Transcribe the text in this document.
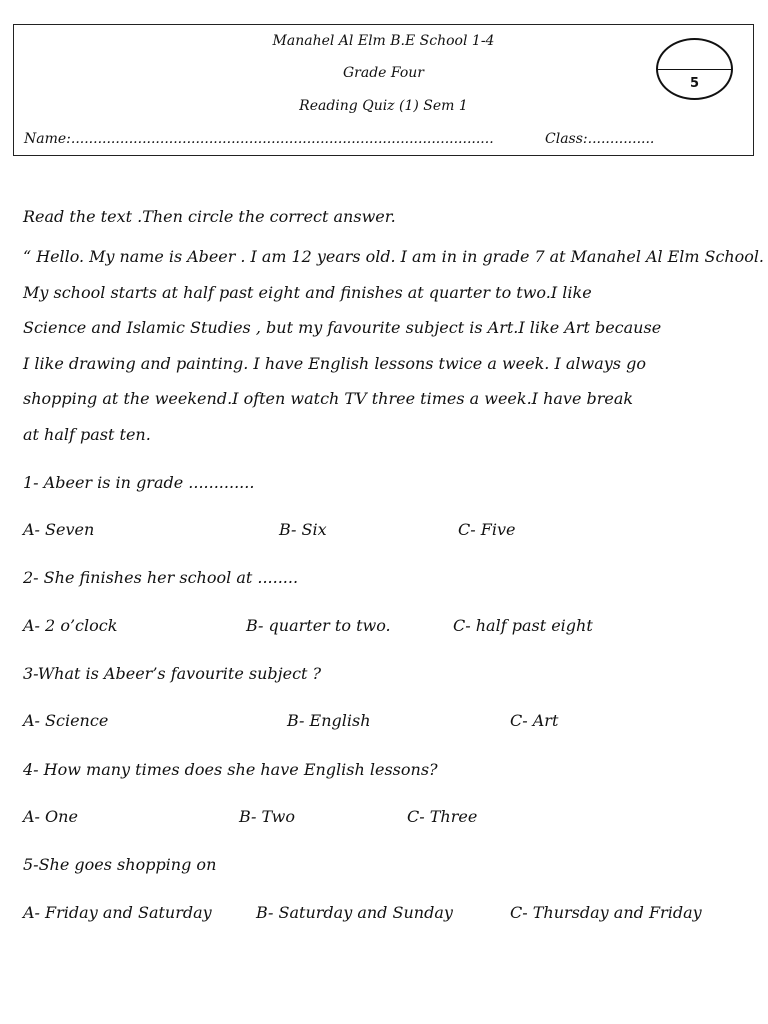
Manahel Al Elm B.E School 1-4
Grade Four
Reading Quiz (1) Sem 1
Name:...............................................................................................	Class:...............
5
Read the text .Then circle the correct answer.
“ Hello. My name is Abeer . I am 12 years old. I am in in grade 7 at Manahel Al Elm School.
My school starts at half past eight and finishes at quarter to two.I like
Science and Islamic Studies , but my favourite subject is Art.I like Art because
I like drawing and painting. I have English lessons twice a week. I always go
shopping at the weekend.I often watch TV three times a week.I have break
at half past ten.
1- Abeer is in grade .............
A- Seven	B- Six	C- Five
2- She finishes her school at ........
A- 2 o’clock	B- quarter to two.	C- half past eight
3-What is Abeer’s favourite subject ?
A- Science	B- English	C- Art
4- How many times does she have English lessons?
A- One	B- Two	C- Three
5-She goes shopping on
A- Friday and Saturday	B- Saturday and Sunday	C- Thursday and Friday
